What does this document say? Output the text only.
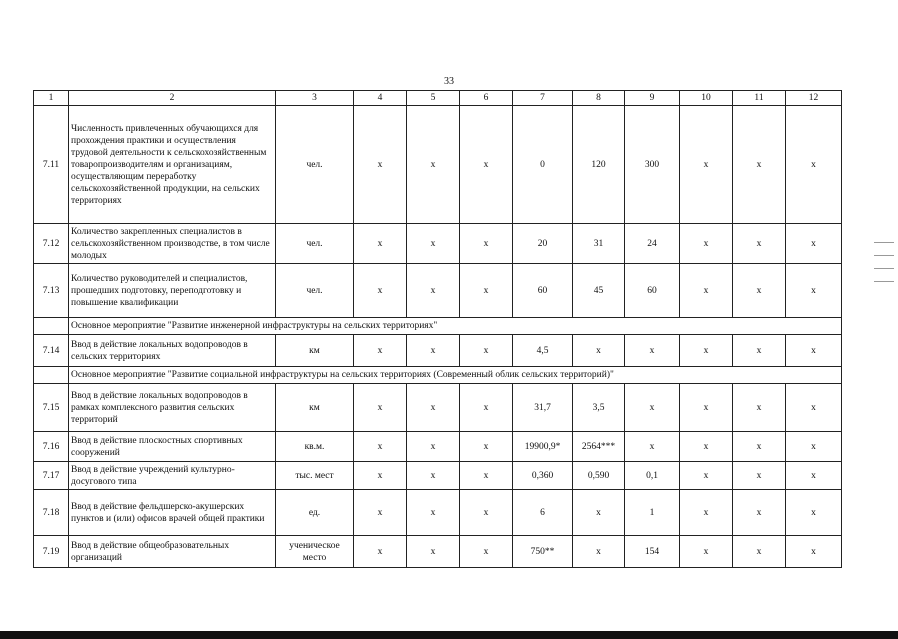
33
1	2	3	4	5	6	7	8	9	10	11	12
7.11	Численность привлеченных обучающихся для прохождения практики и осуществления трудовой деятельности к сельскохозяйственным товаропроизводителям и организациям, осуществляющим переработку сельскохозяйственной продукции, на сельских территориях	чел.	х	х	х	0	120	300	х	х	х
7.12	Количество закрепленных специалистов в сельскохозяйственном производстве, в том числе молодых	чел.	х	х	х	20	31	24	х	х	х
7.13	Количество руководителей и специалистов, прошедших подготовку, переподготовку и повышение квалификации	чел.	х	х	х	60	45	60	х	х	х
	Основное мероприятие "Развитие инженерной инфраструктуры на сельских территориях"										
7.14	Ввод в действие локальных водопроводов в сельских территориях	км	х	х	х	4,5	х	х	х	х	х
	Основное мероприятие "Развитие социальной инфраструктуры на сельских территориях (Современный облик сельских территорий)"										
7.15	Ввод в действие локальных водопроводов в рамках комплексного развития сельских территорий	км	х	х	х	31,7	3,5	х	х	х	х
7.16	Ввод в действие плоскостных спортивных сооружений	кв.м.	х	х	х	19900,9*	2564***	х	х	х	х
7.17	Ввод в действие учреждений культурно-досугового типа	тыс. мест	х	х	х	0,360	0,590	0,1	х	х	х
7.18	Ввод в действие фельдшерско-акушерских пунктов и (или) офисов врачей общей практики	ед.	х	х	х	6	х	1	х	х	х
7.19	Ввод в действие общеобразовательных организаций	ученическое место	х	х	х	750**	х	154	х	х	х
